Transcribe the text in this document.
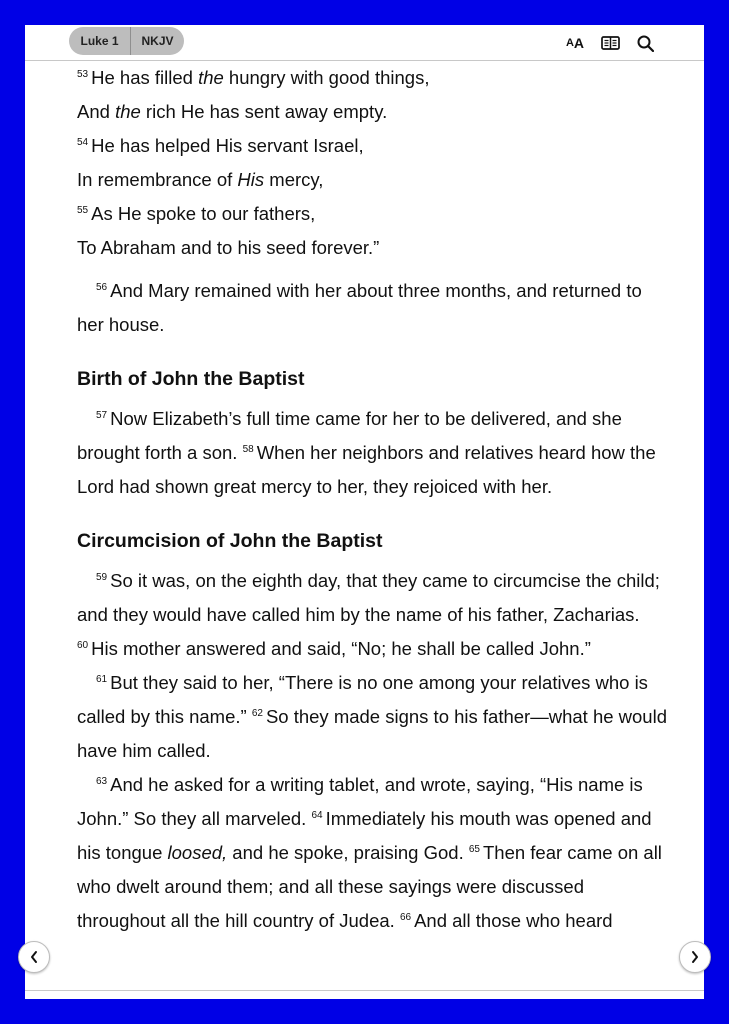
Luke 1	NKJV	A A

$^{53}$ He has filled the hungry with good things,

And the rich He has sent away empty.

$^{54}$ He has helped His servant Israel,

In remembrance of His mercy,

$^{55}$ As He spoke to our fathers,

To Abraham and to his seed forever.”

$^{56}$ And Mary remained with her about three months, and returned to her house.

Birth of John the Baptist

$^{57}$ Now Elizabeth’s full time came for her to be delivered, and she brought forth a son. $^{58}$ When her neighbors and relatives heard how the Lord had shown great mercy to her, they rejoiced with her.

Circumcision of John the Baptist

$^{59}$ So it was, on the eighth day, that they came to circumcise the child; and they would have called him by the name of his father, Zacharias. $^{60}$ His mother answered and said, “No; he shall be called John.”

$^{61}$ But they said to her, “There is no one among your relatives who is called by this name.” $^{62}$ So they made signs to his father—what he would have him called.

$^{63}$ And he asked for a writing tablet, and wrote, saying, “His name is John.” So they all marveled. $^{64}$ Immediately his mouth was opened and his tongue loosed, and he spoke, praising God. $^{65}$ Then fear came on all who dwelt around them; and all these sayings were discussed throughout all the hill country of Judea. $^{66}$ And all those who heard
